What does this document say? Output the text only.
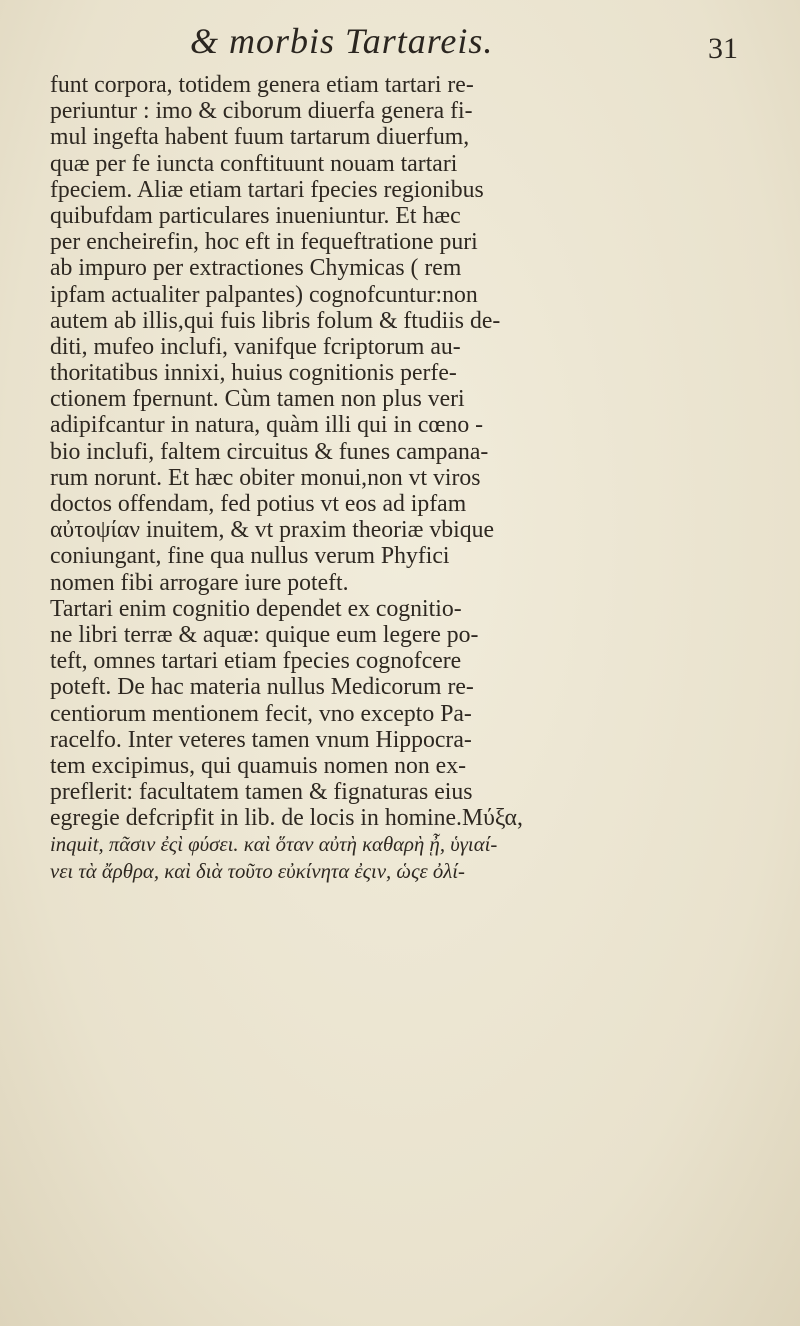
& morbis Tartareis.	31
funt corpora, totidem genera etiam tartari re-
periuntur : imo & ciborum diuerfa genera fi-
mul ingefta habent fuum tartarum diuerfum,
quæ per fe iuncta conftituunt nouam tartari
fpeciem. Aliæ etiam tartari fpecies regionibus
quibufdam particulares inueniuntur. Et hæc
per encheirefin, hoc eft in fequeftratione puri
ab impuro per extractiones Chymicas ( rem
ipfam actualiter palpantes) cognofcuntur:non
autem ab illis,qui fuis libris folum & ftudiis de-
diti, mufeo inclufi, vanifque fcriptorum au-
thoritatibus innixi, huius cognitionis perfe-
ctionem fpernunt. Cùm tamen non plus veri
adipifcantur in natura, quàm illi qui in cœno -
bio inclufi, faltem circuitus & funes campana-
rum norunt. Et hæc obiter monui,non vt viros
doctos offendam, fed potius vt eos ad ipfam
αὐτοψίαν inuitem, & vt praxim theoriæ vbique
coniungant, fine qua nullus verum Phyfici
nomen fibi arrogare iure poteft.
Tartari enim cognitio dependet ex cognitio-
ne libri terræ & aquæ: quique eum legere po-
teft, omnes tartari etiam fpecies cognofcere
poteft. De hac materia nullus Medicorum re-
centiorum mentionem fecit, vno excepto Pa-
racelfo. Inter veteres tamen vnum Hippocra-
tem excipimus, qui quamuis nomen non ex-
preflerit: facultatem tamen & fignaturas eius
egregie defcripfit in lib. de locis in homine.Μύξα,
inquit, πᾶσιν ἐςὶ φύσει. καὶ ὅταν αὐτὴ καθαρὴ ᾖ, ὑγιαί-
νει τὰ ἄρθρα, καὶ διὰ τοῦτο εὐκίνητα ἐςιν, ὡςε ὀλί-
